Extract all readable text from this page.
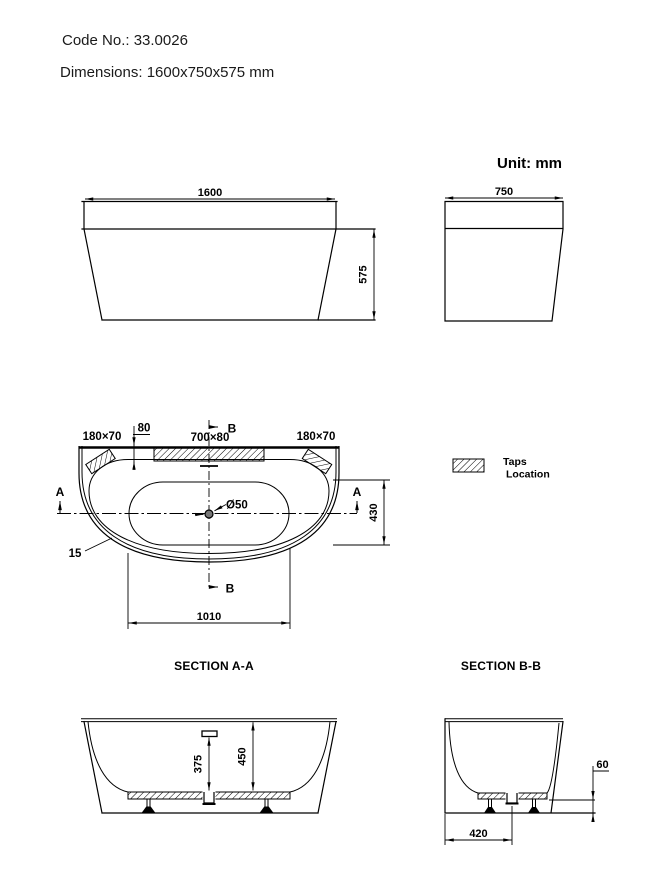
Code No.: 33.0026
Dimensions: 1600x750x575 mm
Unit: mm
1600
575
750
180×70
80
700×80	180×70
B
B
A	A
Ø50	430
1010
15
Taps
Location
SECTION A-A
375	450
SECTION B-B
60
420
